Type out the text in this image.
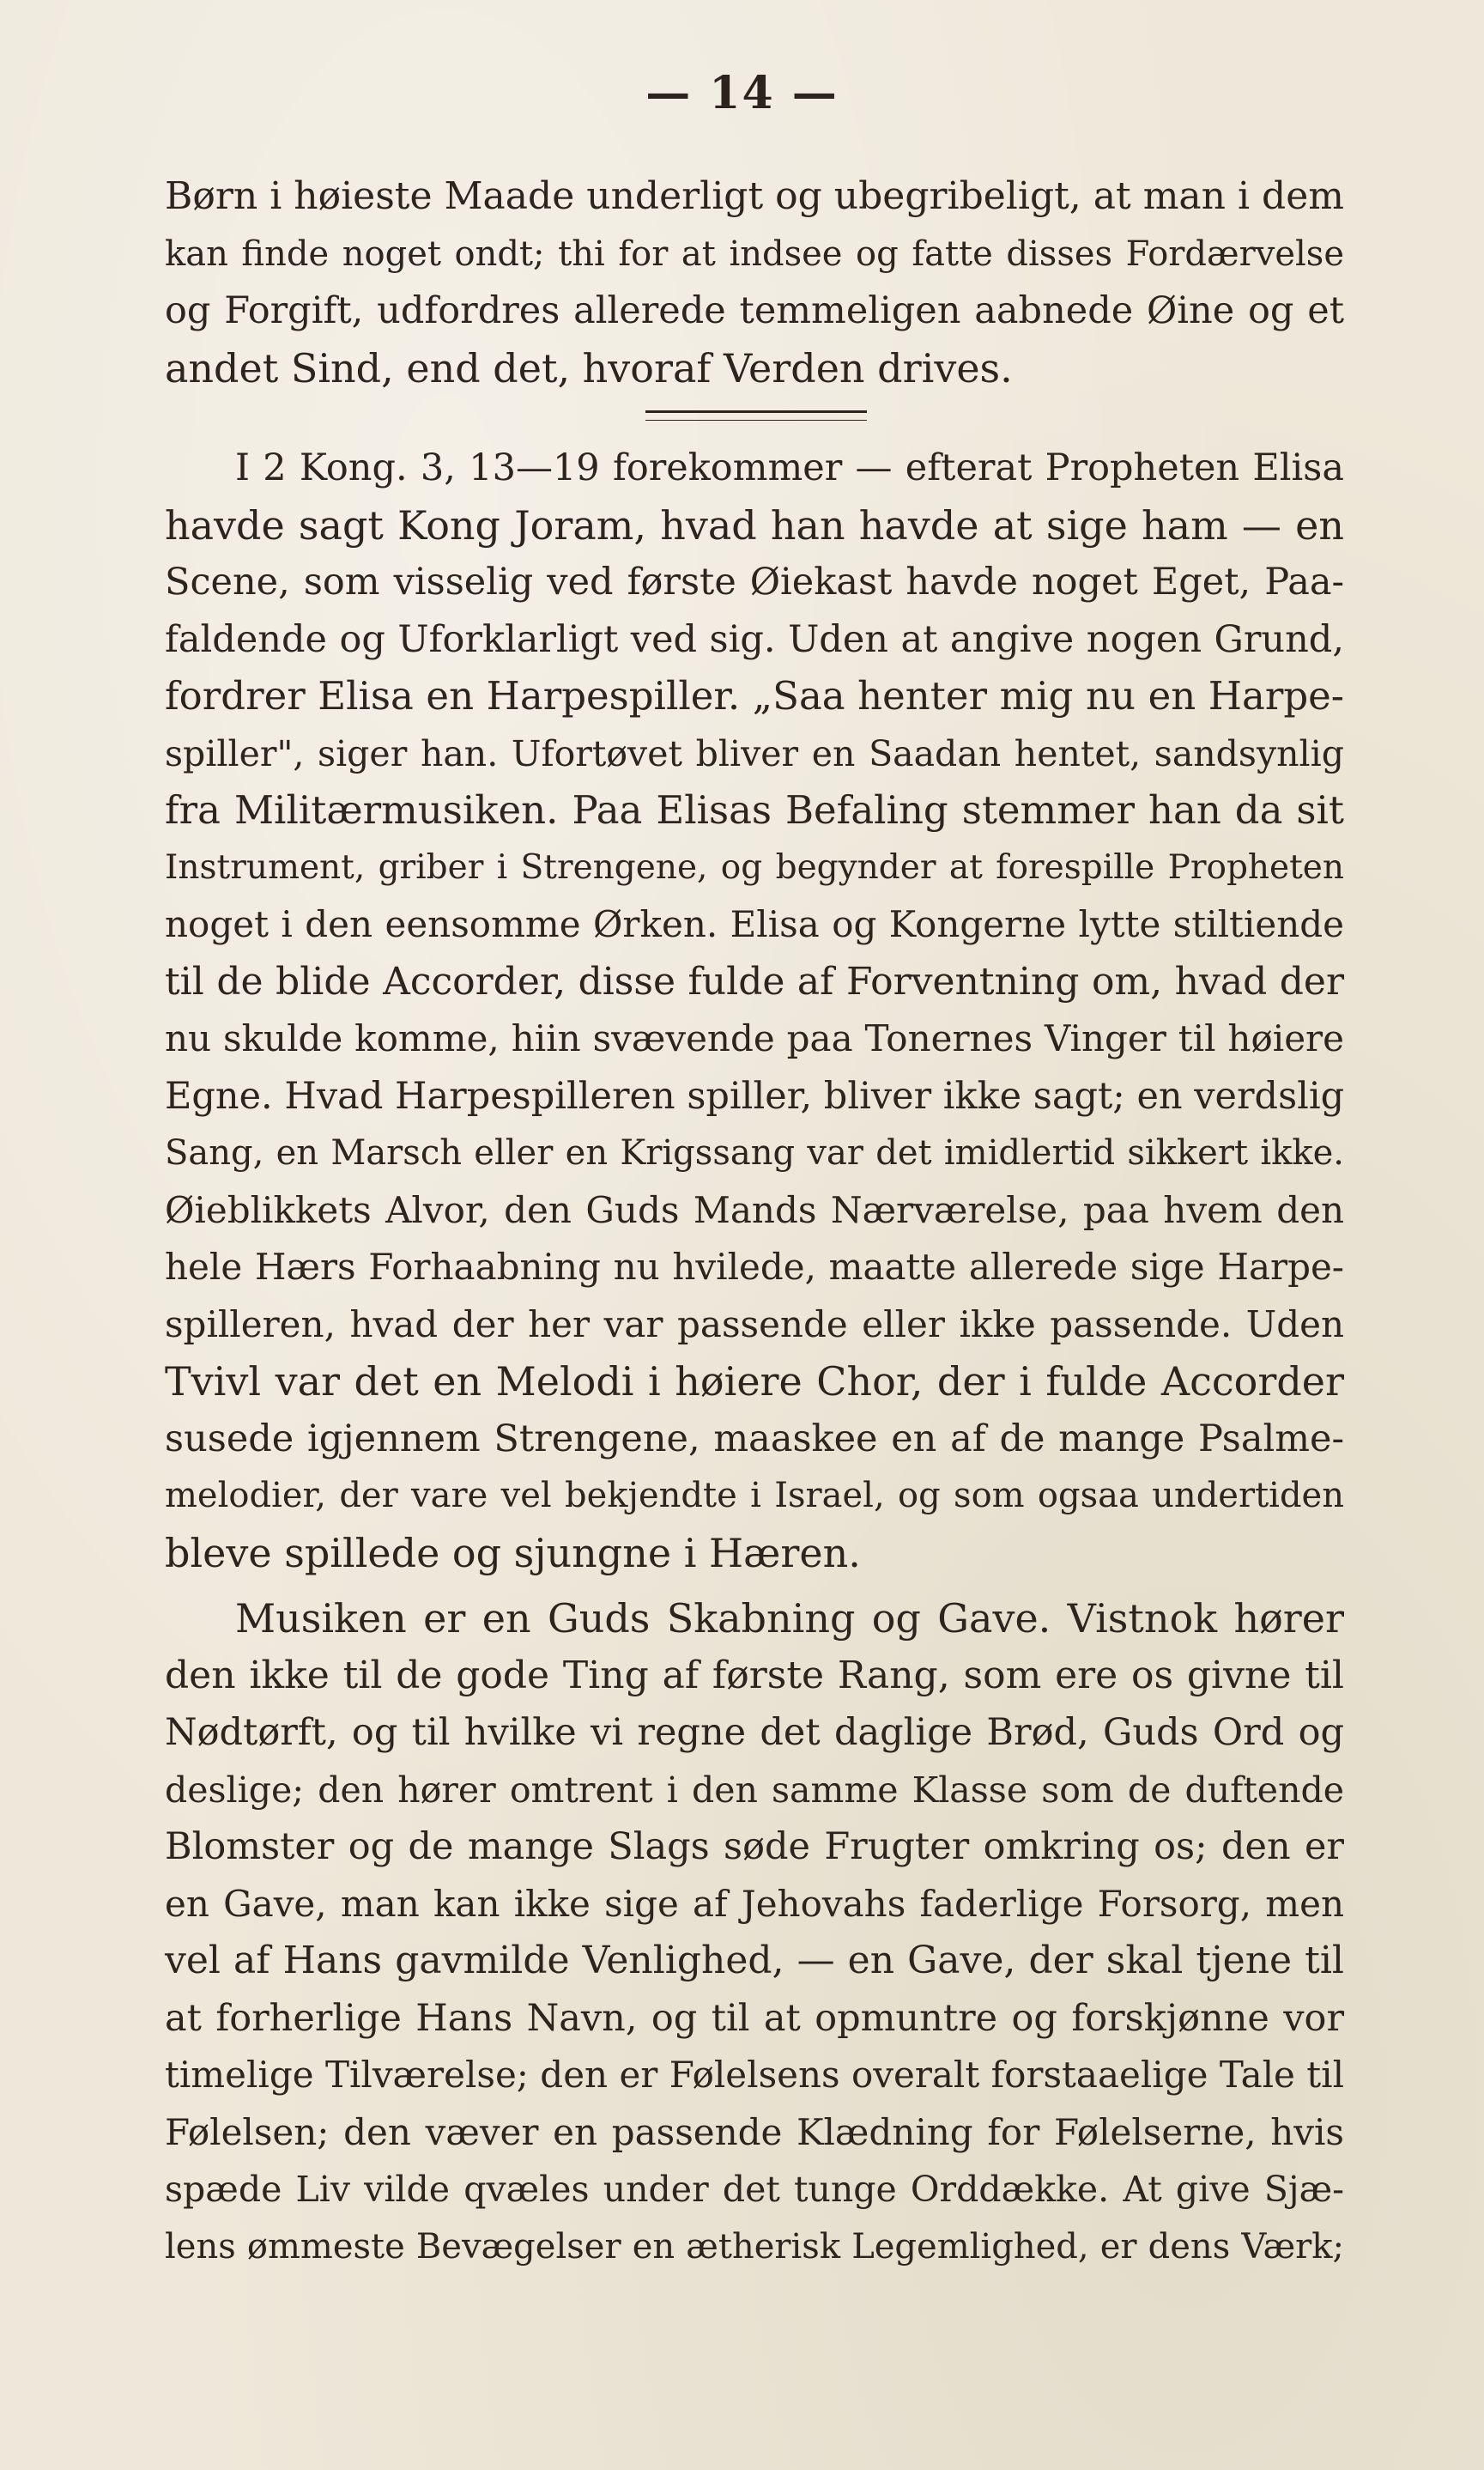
— 14 —
Børn i høieste Maade underligt og ubegribeligt, at man i dem
kan finde noget ondt; thi for at indsee og fatte disses Fordærvelse
og Forgift, udfordres allerede temmeligen aabnede Øine og et
andet Sind, end det, hvoraf Verden drives.
I 2 Kong. 3, 13—19 forekommer — efterat Propheten Elisa
havde sagt Kong Joram, hvad han havde at sige ham — en
Scene, som visselig ved første Øiekast havde noget Eget, Paa-
faldende og Uforklarligt ved sig. Uden at angive nogen Grund,
fordrer Elisa en Harpespiller. „Saa henter mig nu en Harpe-
spiller", siger han. Ufortøvet bliver en Saadan hentet, sandsynlig
fra Militærmusiken. Paa Elisas Befaling stemmer han da sit
Instrument, griber i Strengene, og begynder at forespille Propheten
noget i den eensomme Ørken. Elisa og Kongerne lytte stiltiende
til de blide Accorder, disse fulde af Forventning om, hvad der
nu skulde komme, hiin svævende paa Tonernes Vinger til høiere
Egne. Hvad Harpespilleren spiller, bliver ikke sagt; en verdslig
Sang, en Marsch eller en Krigssang var det imidlertid sikkert ikke.
Øieblikkets Alvor, den Guds Mands Nærværelse, paa hvem den
hele Hærs Forhaabning nu hvilede, maatte allerede sige Harpe-
spilleren, hvad der her var passende eller ikke passende. Uden
Tvivl var det en Melodi i høiere Chor, der i fulde Accorder
susede igjennem Strengene, maaskee en af de mange Psalme-
melodier, der vare vel bekjendte i Israel, og som ogsaa undertiden
bleve spillede og sjungne i Hæren.
Musiken er en Guds Skabning og Gave. Vistnok hører
den ikke til de gode Ting af første Rang, som ere os givne til
Nødtørft, og til hvilke vi regne det daglige Brød, Guds Ord og
deslige; den hører omtrent i den samme Klasse som de duftende
Blomster og de mange Slags søde Frugter omkring os; den er
en Gave, man kan ikke sige af Jehovahs faderlige Forsorg, men
vel af Hans gavmilde Venlighed, — en Gave, der skal tjene til
at forherlige Hans Navn, og til at opmuntre og forskjønne vor
timelige Tilværelse; den er Følelsens overalt forstaaelige Tale til
Følelsen; den væver en passende Klædning for Følelserne, hvis
spæde Liv vilde qvæles under det tunge Orddække. At give Sjæ-
lens ømmeste Bevægelser en ætherisk Legemlighed, er dens Værk;
